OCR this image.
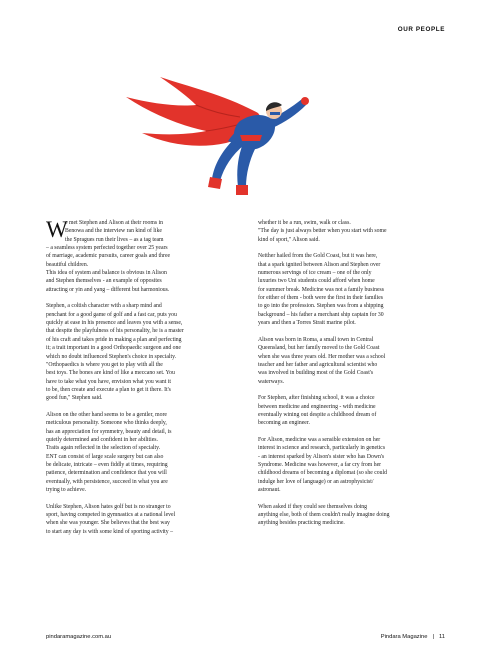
OUR PEOPLE
W
e met Stephen and Alison at their rooms in
Benowa and the interview ran kind of like
the Spragues run their lives – as a tag team
– a seamless system perfected together over 25 years
of marriage, academic pursuits, career goals and three
beautiful children.
This idea of system and balance is obvious in Alison
and Stephen themselves - an example of opposites
attracting or yin and yang – different but harmonious.
Stephen, a coltish character with a sharp mind and
penchant for a good game of golf and a fast car, puts you
quickly at ease in his presence and leaves you with a sense,
that despite the playfulness of his personality, he is a master
of his craft and takes pride in making a plan and perfecting
it; a trait important in a good Orthopaedic surgeon and one
which no doubt influenced Stephen's choice in specialty.
"Orthopaedics is where you get to play with all the
best toys. The bones are kind of like a meccano set. You
have to take what you have, envision what you want it
to be, then create and execute a plan to get it there. It's
good fun," Stephen said.
Alison on the other hand seems to be a gentler, more
meticulous personality. Someone who thinks deeply,
has an appreciation for symmetry, beauty and detail, is
quietly determined and confident in her abilities.
Traits again reflected in the selection of specialty.
ENT can consist of large scale surgery but can also
be delicate, intricate – even fiddly at times, requiring
patience, determination and confidence that you will
eventually, with persistence, succeed in what you are
trying to achieve.
Unlike Stephen, Alison hates golf but is no stranger to
sport, having competed in gymnastics at a national level
when she was younger. She believes that the best way
to start any day is with some kind of sporting activity –
whether it be a run, swim, walk or class.
"The day is just always better when you start with some
kind of sport," Alison said.
Neither hailed from the Gold Coast, but it was here,
that a spark ignited between Alison and Stephen over
numerous servings of ice cream – one of the only
luxuries two Uni students could afford when home
for summer break. Medicine was not a family business
for either of them - both were the first in their families
to go into the profession. Stephen was from a shipping
background – his father a merchant ship captain for 30
years and then a Torres Strait marine pilot.
Alison was born in Roma, a small town in Central
Queensland, but her family moved to the Gold Coast
when she was three years old. Her mother was a school
teacher and her father and agricultural scientist who
was involved in building most of the Gold Coast's
waterways.
For Stephen, after finishing school, it was a choice
between medicine and engineering - with medicine
eventually wining out despite a childhood dream of
becoming an engineer.
For Alison, medicine was a sensible extension on her
interest in science and research, particularly in genetics
- an interest sparked by Alison's sister who has Down's
Syndrome. Medicine was however, a far cry from her
childhood dreams of becoming a diplomat (so she could
indulge her love of language) or an astrophysicist/
astronaut.
When asked if they could see themselves doing
anything else, both of them couldn't really imagine doing
anything besides practicing medicine.
pindaramagazine.com.au	Pindara Magazine | 11
